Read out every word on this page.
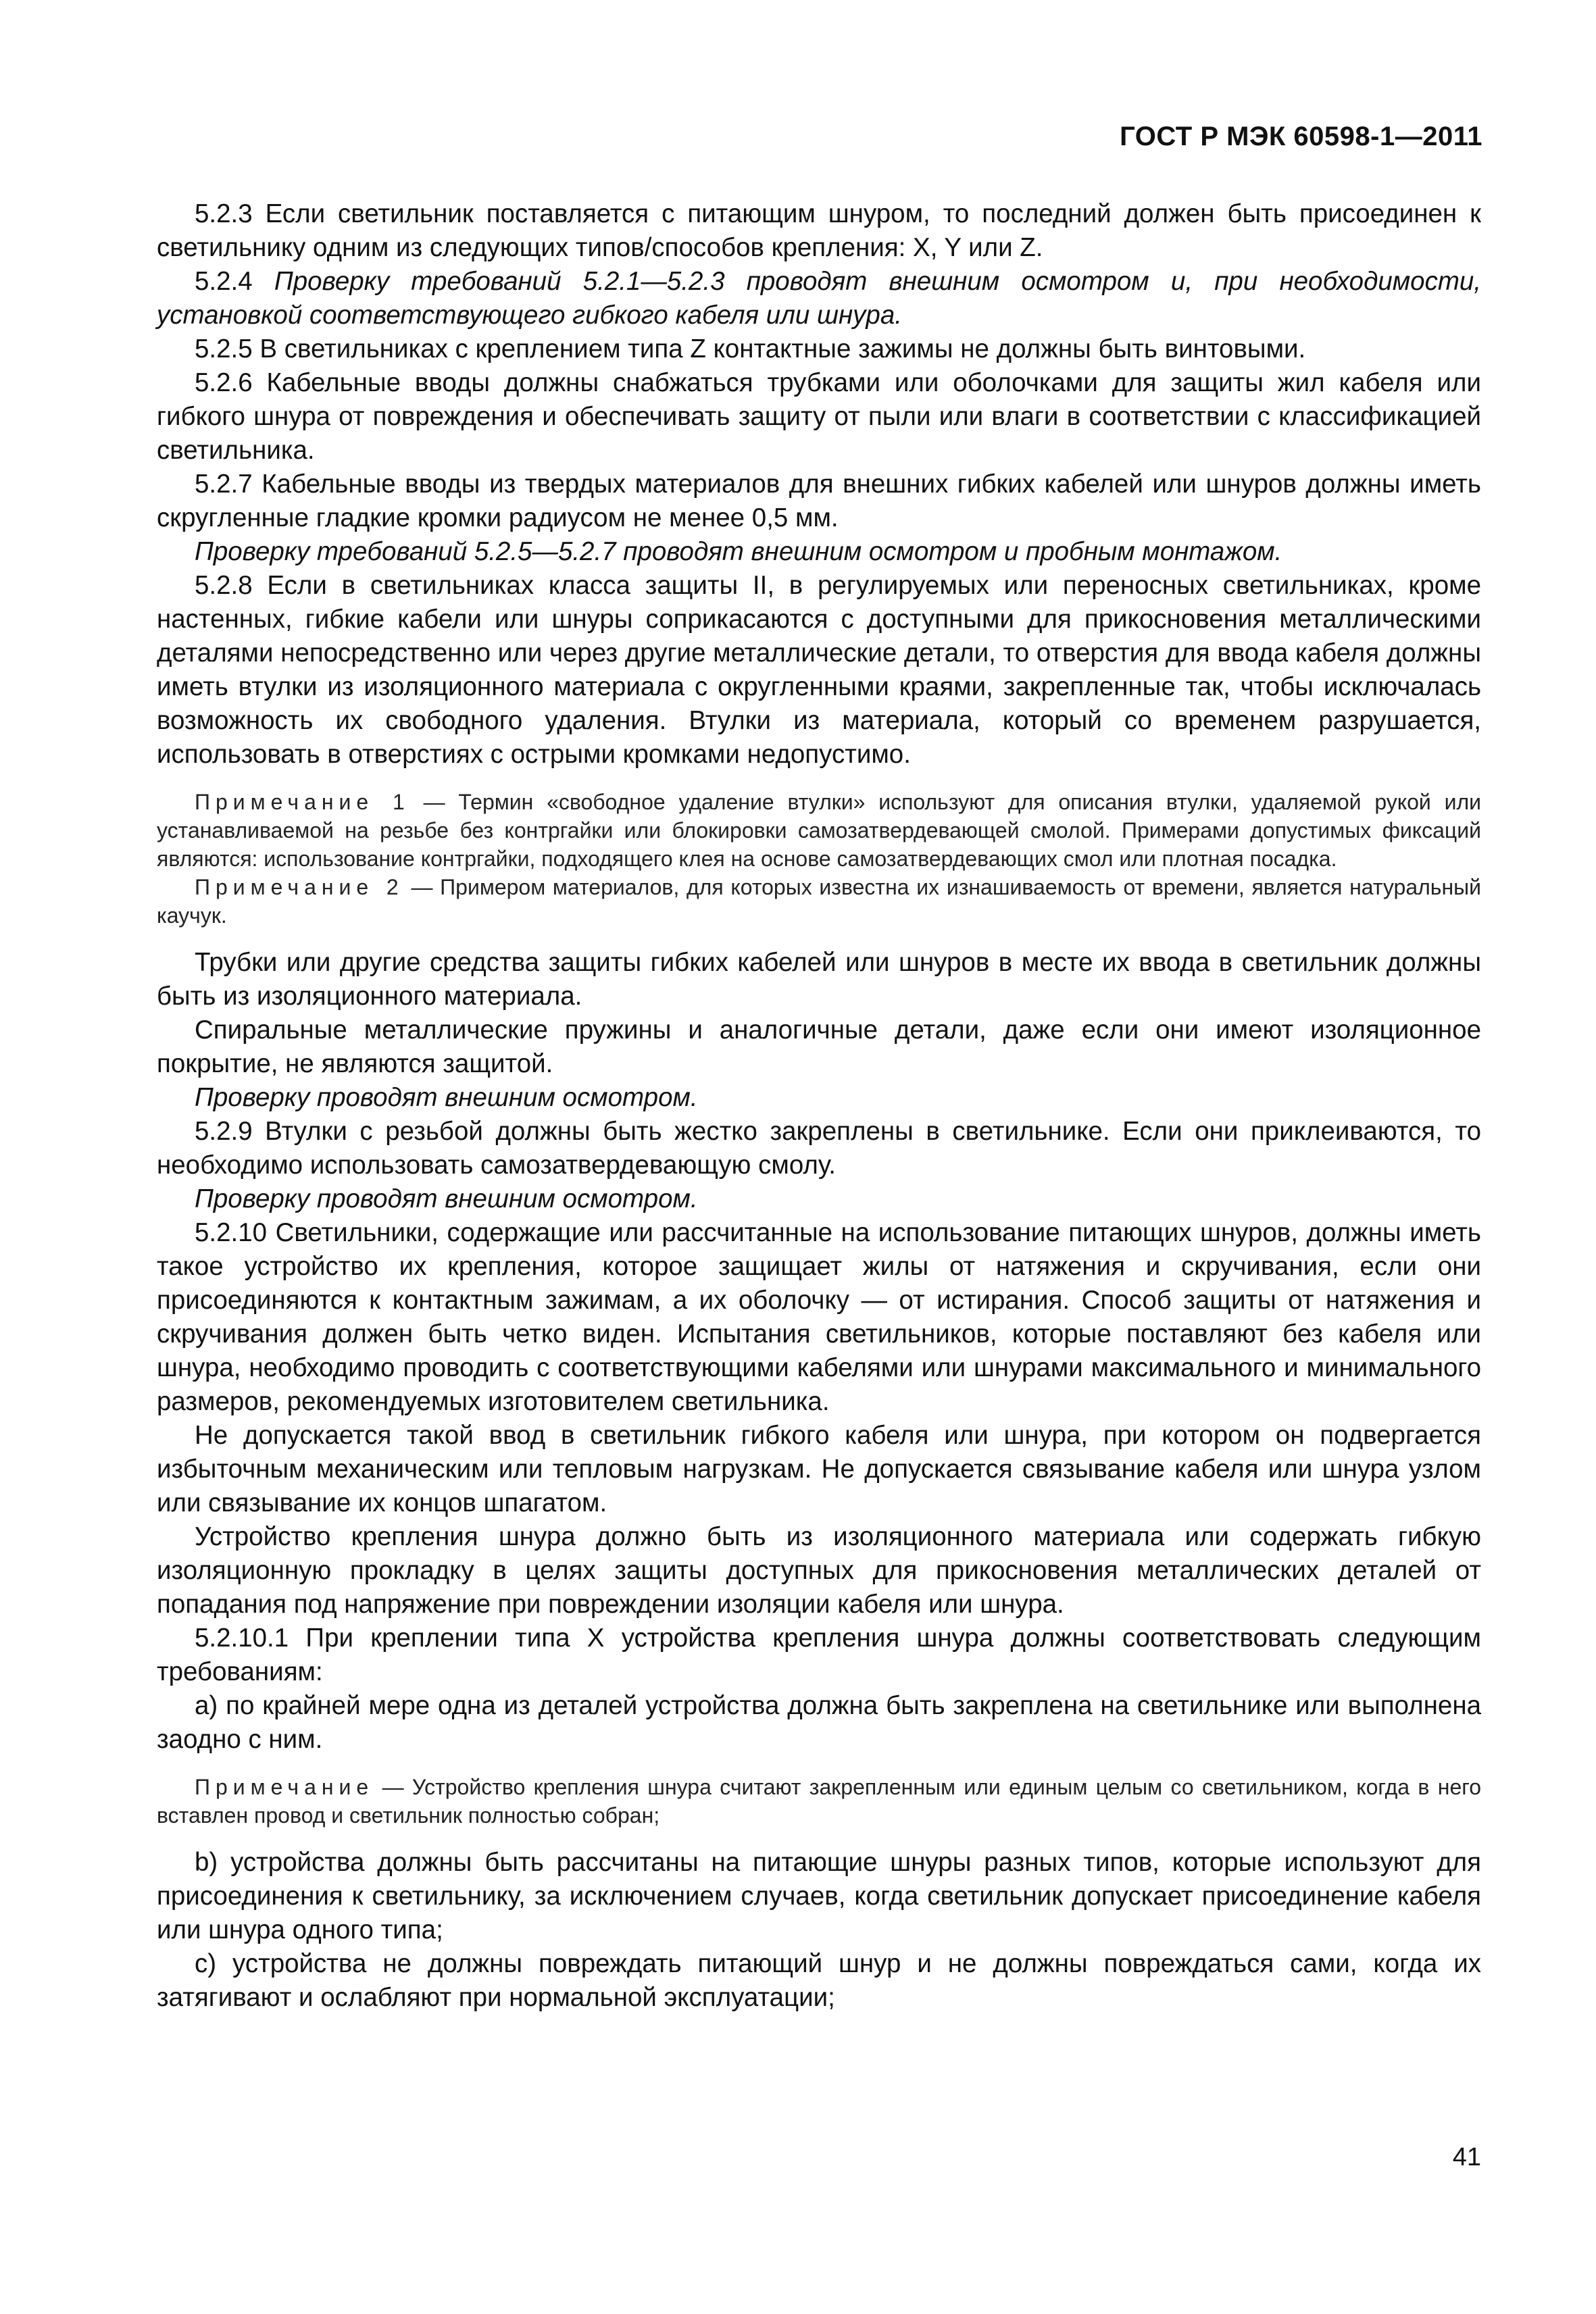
ГОСТ Р МЭК 60598-1—2011

5.2.3 Если светильник поставляется с питающим шнуром, то последний должен быть присоединен к светильнику одним из следующих типов/способов крепления: X, Y или Z.

5.2.4 Проверку требований 5.2.1—5.2.3 проводят внешним осмотром и, при необходимости, установкой соответствующего гибкого кабеля или шнура.

5.2.5 В светильниках с креплением типа Z контактные зажимы не должны быть винтовыми.

5.2.6 Кабельные вводы должны снабжаться трубками или оболочками для защиты жил кабеля или гибкого шнура от повреждения и обеспечивать защиту от пыли или влаги в соответствии с классификацией светильника.

5.2.7 Кабельные вводы из твердых материалов для внешних гибких кабелей или шнуров должны иметь скругленные гладкие кромки радиусом не менее 0,5 мм.

Проверку требований 5.2.5—5.2.7 проводят внешним осмотром и пробным монтажом.

5.2.8 Если в светильниках класса защиты II, в регулируемых или переносных светильниках, кроме настенных, гибкие кабели или шнуры соприкасаются с доступными для прикосновения металлическими деталями непосредственно или через другие металлические детали, то отверстия для ввода кабеля должны иметь втулки из изоляционного материала с округленными краями, закрепленные так, чтобы исключалась возможность их свободного удаления. Втулки из материала, который со временем разрушается, использовать в отверстиях с острыми кромками недопустимо.

Примечание 1 — Термин «свободное удаление втулки» используют для описания втулки, удаляемой рукой или устанавливаемой на резьбе без контргайки или блокировки самозатвердевающей смолой. Примерами допустимых фиксаций являются: использование контргайки, подходящего клея на основе самозатвердевающих смол или плотная посадка.

Примечание 2 — Примером материалов, для которых известна их изнашиваемость от времени, является натуральный каучук.

Трубки или другие средства защиты гибких кабелей или шнуров в месте их ввода в светильник должны быть из изоляционного материала.

Спиральные металлические пружины и аналогичные детали, даже если они имеют изоляционное покрытие, не являются защитой.

Проверку проводят внешним осмотром.

5.2.9 Втулки с резьбой должны быть жестко закреплены в светильнике. Если они приклеиваются, то необходимо использовать самозатвердевающую смолу.

Проверку проводят внешним осмотром.

5.2.10 Светильники, содержащие или рассчитанные на использование питающих шнуров, должны иметь такое устройство их крепления, которое защищает жилы от натяжения и скручивания, если они присоединяются к контактным зажимам, а их оболочку — от истирания. Способ защиты от натяжения и скручивания должен быть четко виден. Испытания светильников, которые поставляют без кабеля или шнура, необходимо проводить с соответствующими кабелями или шнурами максимального и минимального размеров, рекомендуемых изготовителем светильника.

Не допускается такой ввод в светильник гибкого кабеля или шнура, при котором он подвергается избыточным механическим или тепловым нагрузкам. Не допускается связывание кабеля или шнура узлом или связывание их концов шпагатом.

Устройство крепления шнура должно быть из изоляционного материала или содержать гибкую изоляционную прокладку в целях защиты доступных для прикосновения металлических деталей от попадания под напряжение при повреждении изоляции кабеля или шнура.

5.2.10.1 При креплении типа X устройства крепления шнура должны соответствовать следующим требованиям:

a) по крайней мере одна из деталей устройства должна быть закреплена на светильнике или выполнена заодно с ним.

Примечание — Устройство крепления шнура считают закрепленным или единым целым со светильником, когда в него вставлен провод и светильник полностью собран;

b) устройства должны быть рассчитаны на питающие шнуры разных типов, которые используют для присоединения к светильнику, за исключением случаев, когда светильник допускает присоединение кабеля или шнура одного типа;

c) устройства не должны повреждать питающий шнур и не должны повреждаться сами, когда их затягивают и ослабляют при нормальной эксплуатации;

41
